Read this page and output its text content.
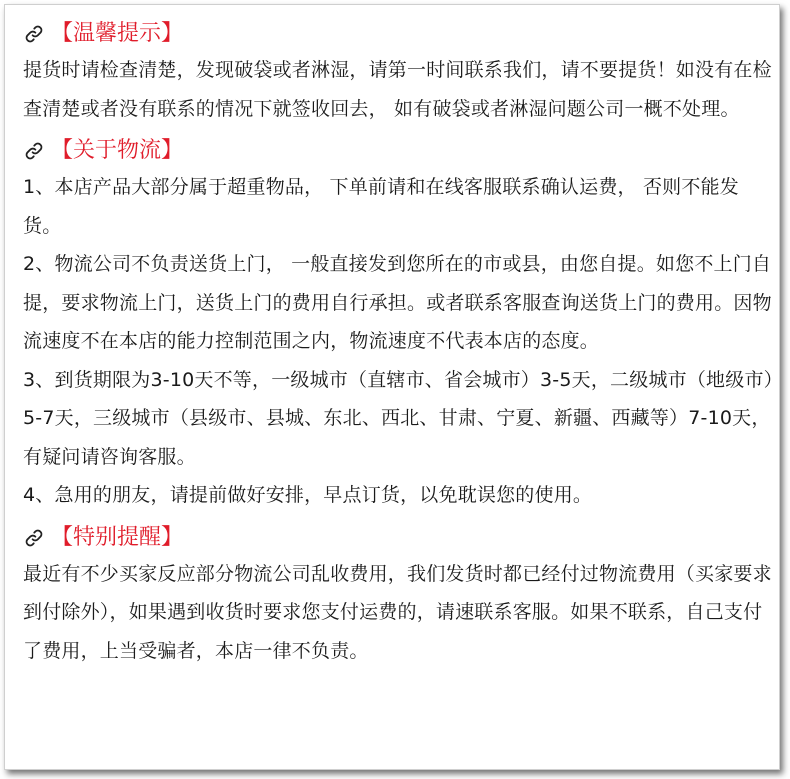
【温馨提示】

提货时请检查清楚，发现破袋或者淋湿，请第一时间联系我们，请不要提货！如没有在检查清楚或者没有联系的情况下就签收回去， 如有破袋或者淋湿问题公司一概不处理。

【关于物流】

1、本店产品大部分属于超重物品， 下单前请和在线客服联系确认运费， 否则不能发货。

2、物流公司不负责送货上门， 一般直接发到您所在的市或县，由您自提。如您不上门自提，要求物流上门，送货上门的费用自行承担。或者联系客服查询送货上门的费用。因物流速度不在本店的能力控制范围之内，物流速度不代表本店的态度。

3、到货期限为3-10天不等，一级城市（直辖市、省会城市）3-5天，二级城市（地级市）5-7天，三级城市（县级市、县城、东北、西北、甘肃、宁夏、新疆、西藏等）7-10天，有疑问请咨询客服。

4、急用的朋友，请提前做好安排，早点订货，以免耽误您的使用。

【特别提醒】

最近有不少买家反应部分物流公司乱收费用，我们发货时都已经付过物流费用（买家要求到付除外），如果遇到收货时要求您支付运费的，请速联系客服。如果不联系，自己支付了费用，上当受骗者，本店一律不负责。
